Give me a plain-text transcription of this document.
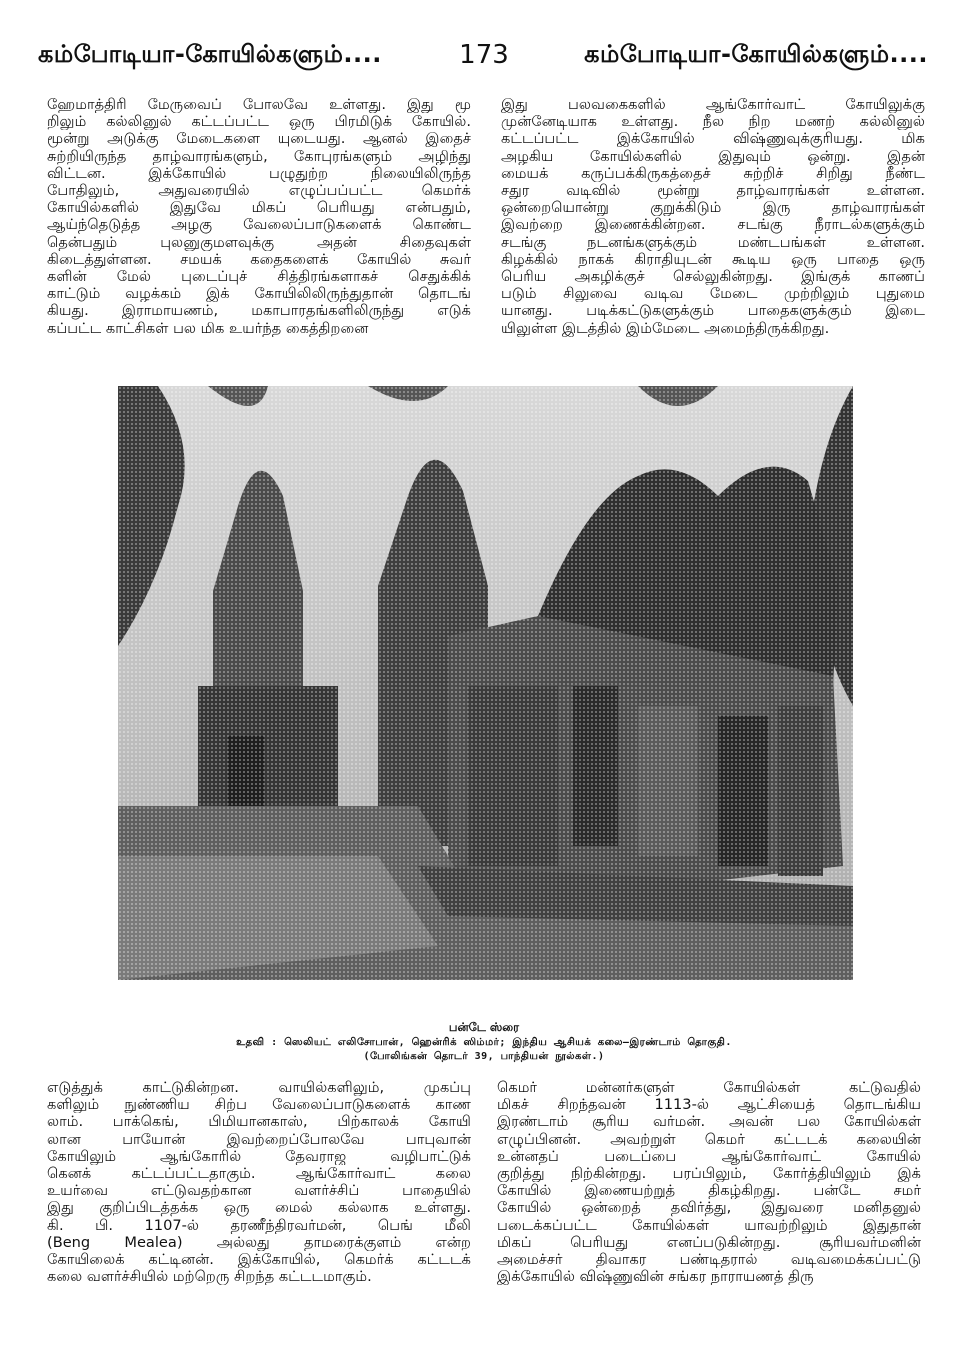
கம்போடியா-கோயில்களும்....	173	கம்போடியா-கோயில்களும்....

ஹேமாத்திரி மேருவைப் போலவே உள்ளது. இது மூ

றிலும் கல்லினுல் கட்டப்பட்ட ஒரு பிரமிடுக் கோயில்.

மூன்று அடுக்கு மேடைகளை யுடையது. ஆனல் இதைச்

சுற்றியிருந்த தாழ்வாரங்களும், கோபுரங்களும் அழிந்து

விட்டன. இக்கோயில் பழுதுற்ற நிலையிலிருந்த

போதிலும், அதுவரையில் எழுப்பப்பட்ட கெமர்க்

கோயில்களில் இதுவே மிகப் பெரியது என்பதும்,

ஆய்ந்தெடுத்த அழகு வேலைப்பாடுகளைக் கொண்ட

தென்பதும் புலனுகுமளவுக்கு அதன் சிதைவுகள்

கிடைத்துள்ளன. சமயக் கதைகளைக் கோயில் சுவர்

களின் மேல் புடைப்புச் சித்திரங்களாகச் செதுக்கிக்

காட்டும் வழக்கம் இக் கோயிலிலிருந்துதான் தொடங்

கியது. இராமாயணம், மகாபாரதங்களிலிருந்து எடுக்

கப்பட்ட காட்சிகள் பல மிக உயர்ந்த கைத்திறனை

இது பலவகைகளில் ஆங்கோர்வாட் கோயிலுக்கு

முன்னேடியாக உள்ளது. நீல நிற மணற் கல்லினுல்

கட்டப்பட்ட இக்கோயில் விஷ்ணுவுக்குரியது. மிக

அழகிய கோயில்களில் இதுவும் ஒன்று. இதன்

மையக் கருப்பக்கிருகத்தைச் சுற்றிச் சிறிது நீண்ட

சதுர வடிவில் மூன்று தாழ்வாரங்கள் உள்ளன.

ஒன்றையொன்று குறுக்கிடும் இரு தாழ்வாரங்கள்

இவற்றை இணைக்கின்றன. சடங்கு நீராடல்களுக்கும்

சடங்கு நடனங்களுக்கும் மண்டபங்கள் உள்ளன.

கிழக்கில் நாகக் கிராதியுடன் கூடிய ஒரு பாதை ஒரு

பெரிய அகழிக்குச் செல்லுகின்றது. இங்குக் காணப்

படும் சிலுவை வடிவ மேடை முற்றிலும் புதுமை

யானது. படிக்கட்டுகளுக்கும் பாதைகளுக்கும் இடை

யிலுள்ள இடத்தில் இம்மேடை அமைந்திருக்கிறது.

பன்டே ஸ்ரை
உதவி : ஸெலியட் எலிசோபான், ஹென்ரிக் ஸிம்மர்; இந்திய ஆசியக் கலை—இரண்டாம் தொகுதி.
(போலிங்கன் தொடர் 39, பாந்தியன் நூல்கள்.)

எடுத்துக் காட்டுகின்றன. வாயில்களிலும், முகப்பு

களிலும் நுண்ணிய சிற்ப வேலைப்பாடுகளைக் காண

லாம். பாக்கெங், பிமியானகாஸ், பிற்காலக் கோயி

லான பாயோன் இவற்றைப்போலவே பாபுவான்

கோயிலும் ஆங்கோரில் தேவராஜ வழிபாட்டுக்

கெனக் கட்டப்பட்டதாகும். ஆங்கோர்வாட் கலை

உயர்வை எட்டுவதற்கான வளர்ச்சிப் பாதையில்

இது குறிப்பிடத்தக்க ஒரு மைல் கல்லாக உள்ளது.

கி. பி. 1107-ல் தரணீந்திரவர்மன், பெங் மீலி

(Beng Mealea) அல்லது தாமரைக்குளம் என்ற

கோயிலைக் கட்டினன். இக்கோயில், கெமர்க் கட்டடக்

கலை வளர்ச்சியில் மற்றெரு சிறந்த கட்டடமாகும்.

கெமர் மன்னர்களுள் கோயில்கள் கட்டுவதில்

மிகச் சிறந்தவன் 1113-ல் ஆட்சியைத் தொடங்கிய

இரண்டாம் சூரிய வர்மன். அவன் பல கோயில்கள்

எழுப்பினன். அவற்றுள் கெமர் கட்டடக் கலையின்

உன்னதப் படைப்பை ஆங்கோர்வாட் கோயில்

குறித்து நிற்கின்றது. பரப்பிலும், கோர்த்தியிலும் இக்

கோயில் இணையற்றுத் திகழ்கிறது. பன்டே சமர்

கோயில் ஒன்றைத் தவிர்த்து, இதுவரை மனிதனுல்

படைக்கப்பட்ட கோயில்கள் யாவற்றிலும் இதுதான்

மிகப் பெரியது எனப்படுகின்றது. சூரியவர்மனின்

அமைச்சர் திவாகர பண்டிதரால் வடிவமைக்கப்பட்டு

இக்கோயில் விஷ்ணுவின் சங்கர நாராயணத் திரு
